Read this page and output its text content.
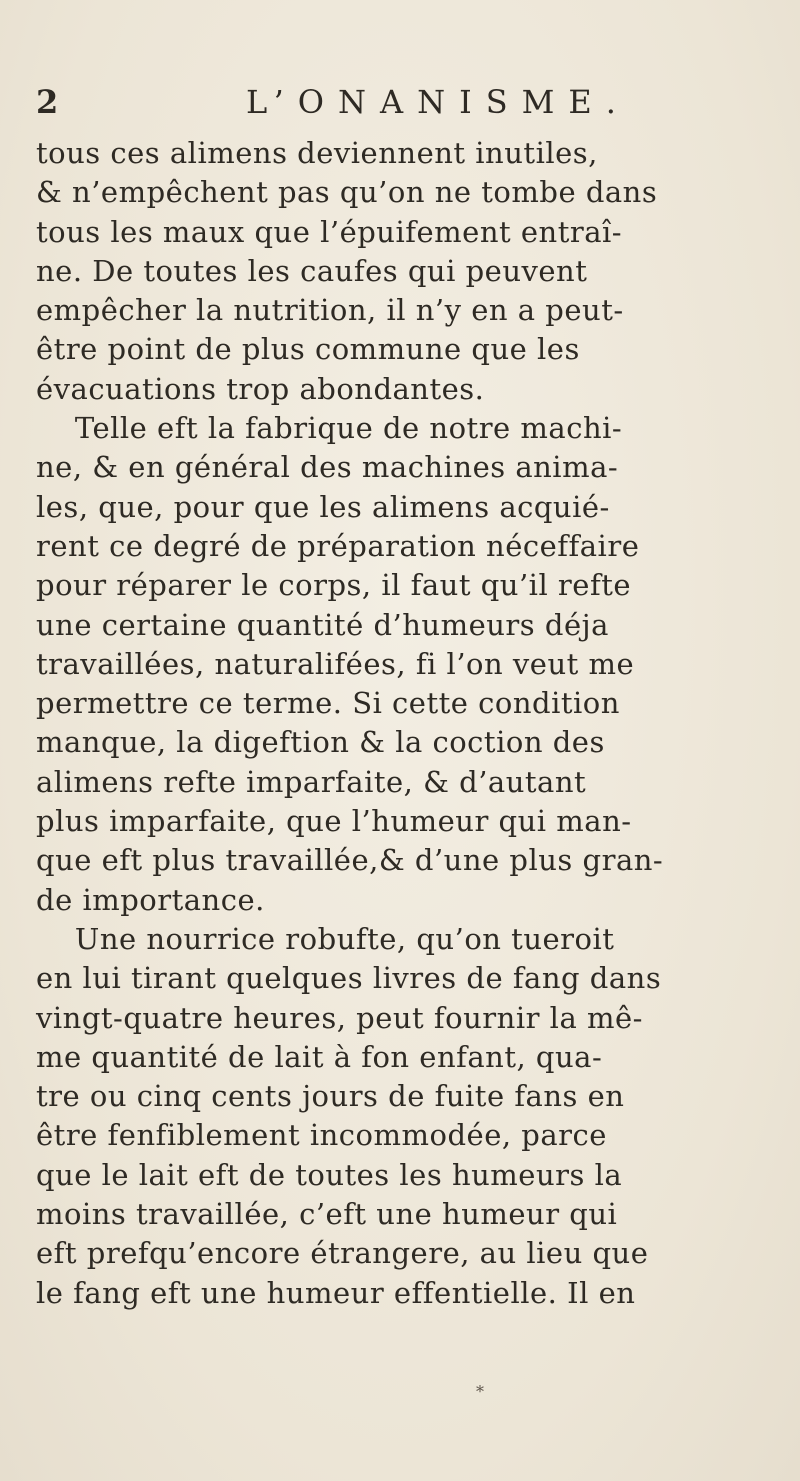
2	L’ONANISME.
tous ces alimens deviennent inutiles,
& n’empêchent pas qu’on ne tombe dans
tous les maux que l’épuifement entraî-
ne. De toutes les caufes qui peuvent
empêcher la nutrition, il n’y en a peut-
être point de plus commune que les
évacuations trop abondantes.
Telle eft la fabrique de notre machi-
ne, & en général des machines anima-
les, que, pour que les alimens acquié-
rent ce degré de préparation néceffaire
pour réparer le corps, il faut qu’il refte
une certaine quantité d’humeurs déja
travaillées, naturalifées, fi l’on veut me
permettre ce terme. Si cette condition
manque, la digeftion & la coction des
alimens refte imparfaite, & d’autant
plus imparfaite, que l’humeur qui man-
que eft plus travaillée,& d’une plus gran-
de importance.
Une nourrice robufte, qu’on tueroit
en lui tirant quelques livres de fang dans
vingt-quatre heures, peut fournir la mê-
me quantité de lait à fon enfant, qua-
tre ou cinq cents jours de fuite fans en
être fenfiblement incommodée, parce
que le lait eft de toutes les humeurs la
moins travaillée, c’eft une humeur qui
eft prefqu’encore étrangere, au lieu que
le fang eft une humeur effentielle. Il en
*
